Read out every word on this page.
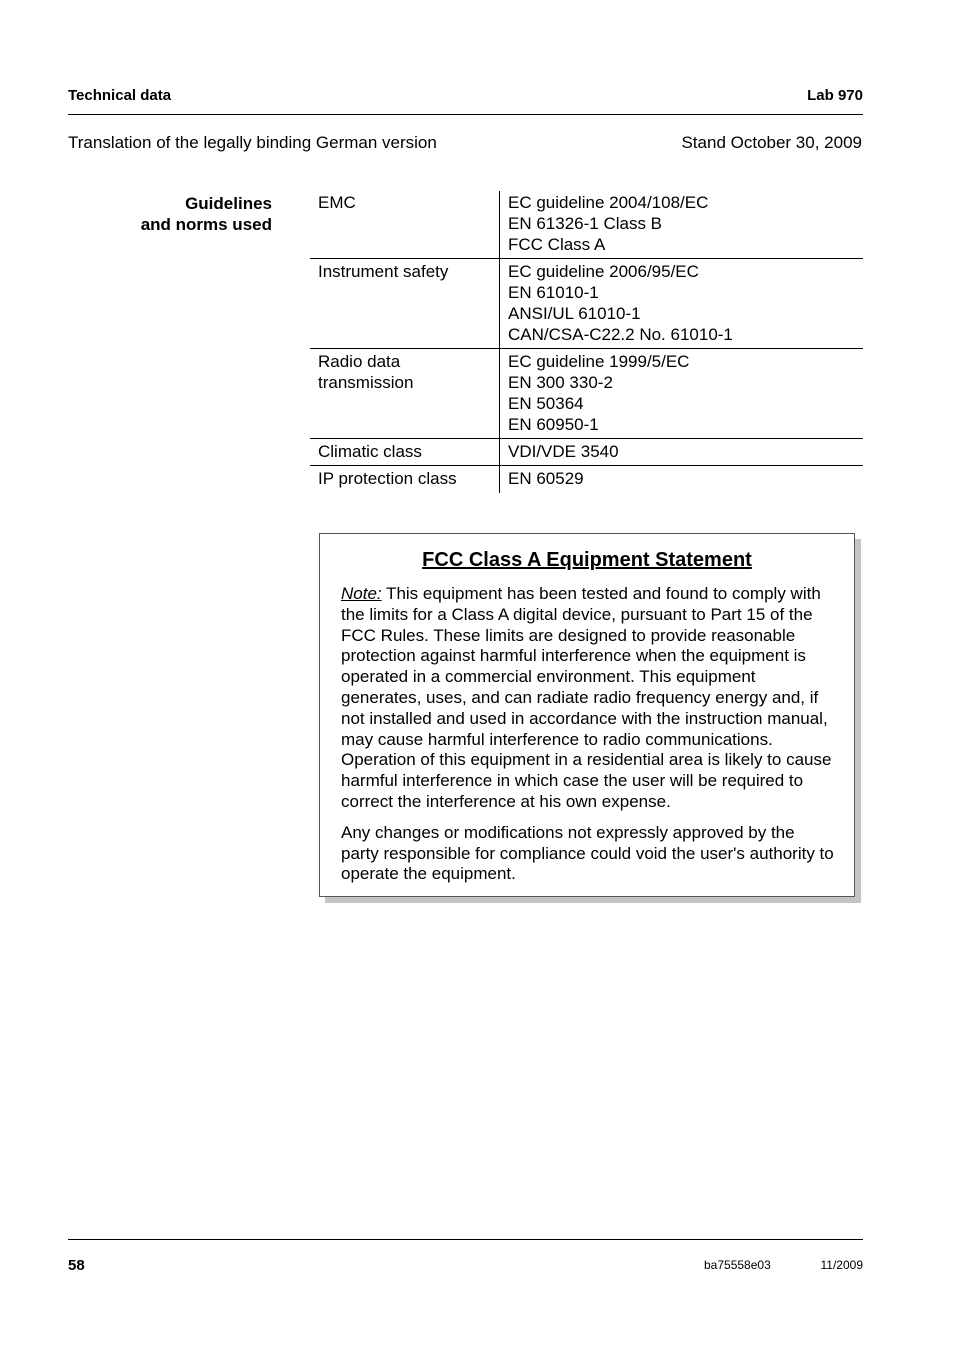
Technical data	Lab 970
Translation of the legally binding German version	Stand October 30, 2009
Guidelines
and norms used
EMC	EC guideline 2004/108/EC
EN 61326-1 Class B
FCC Class A

Instrument safety	EC guideline 2006/95/EC
EN 61010-1
ANSI/UL 61010-1
CAN/CSA-C22.2 No. 61010-1

Radio data
transmission	EC guideline 1999/5/EC
EN 300 330-2
EN 50364
EN 60950-1

Climatic class	VDI/VDE 3540

IP protection class	EN 60529
FCC Class A Equipment Statement

Note: This equipment has been tested and found to comply with the limits for a Class A digital device, pursuant to Part 15 of the FCC Rules. These limits are designed to provide reasonable protection against harmful interference when the equipment is operated in a commercial environment. This equipment generates, uses, and can radiate radio frequency energy and, if not installed and used in accordance with the instruction manual, may cause harmful interference to radio communications. Operation of this equipment in a residential area is likely to cause harmful interference in which case the user will be required to correct the interference at his own expense.

Any changes or modifications not expressly approved by the party responsible for compliance could void the user's authority to operate the equipment.

58	ba75558e03	11/2009
